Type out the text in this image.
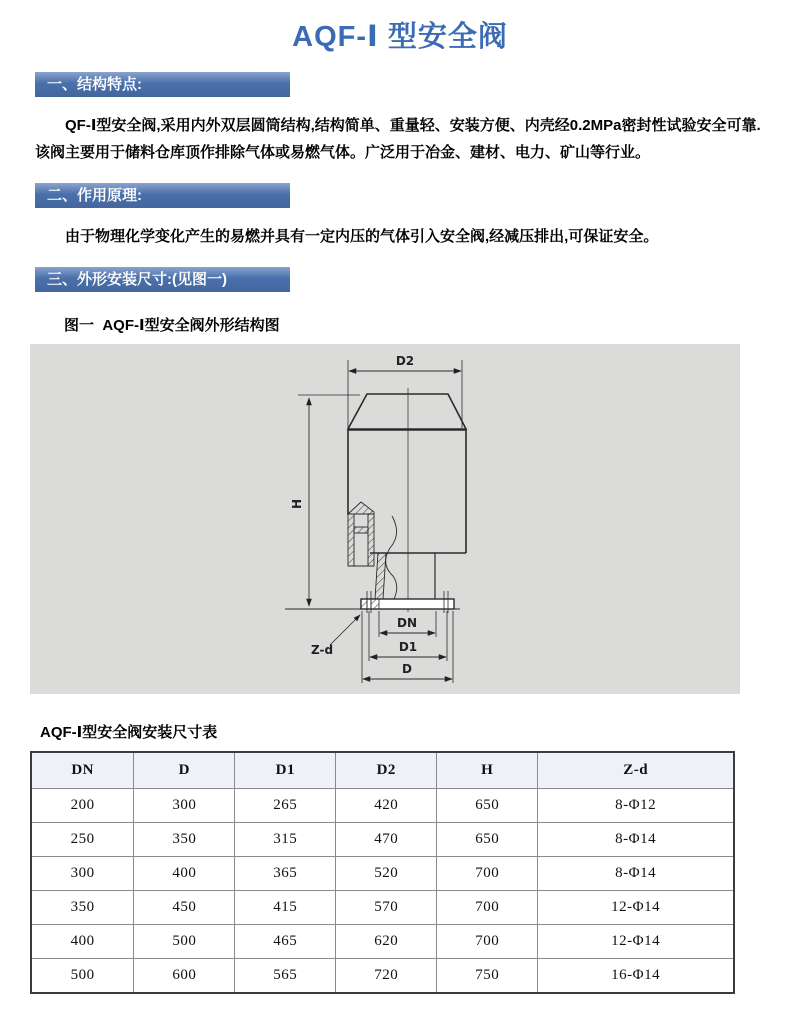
AQF-Ⅰ 型安全阀
一、结构特点:

QF-Ⅰ型安全阀,采用内外双层圆筒结构,结构简单、重量轻、安装方便、内壳经0.2MPa密封性试验安全可靠.该阀主要用于储料仓库顶作排除气体或易燃气体。广泛用于冶金、建材、电力、矿山等行业。

二、作用原理:

由于物理化学变化产生的易燃并具有一定内压的气体引入安全阀,经减压排出,可保证安全。

三、外形安装尺寸:(见图一)
图一  AQF-Ⅰ型安全阀外形结构图
H
D2
DN
D1
D
Z-d
AQF-Ⅰ型安全阀安装尺寸表
DN	D	D1	D2	H	Z-d
200	300	265	420	650	8-Φ12
250	350	315	470	650	8-Φ14
300	400	365	520	700	8-Φ14
350	450	415	570	700	12-Φ14
400	500	465	620	700	12-Φ14
500	600	565	720	750	16-Φ14
